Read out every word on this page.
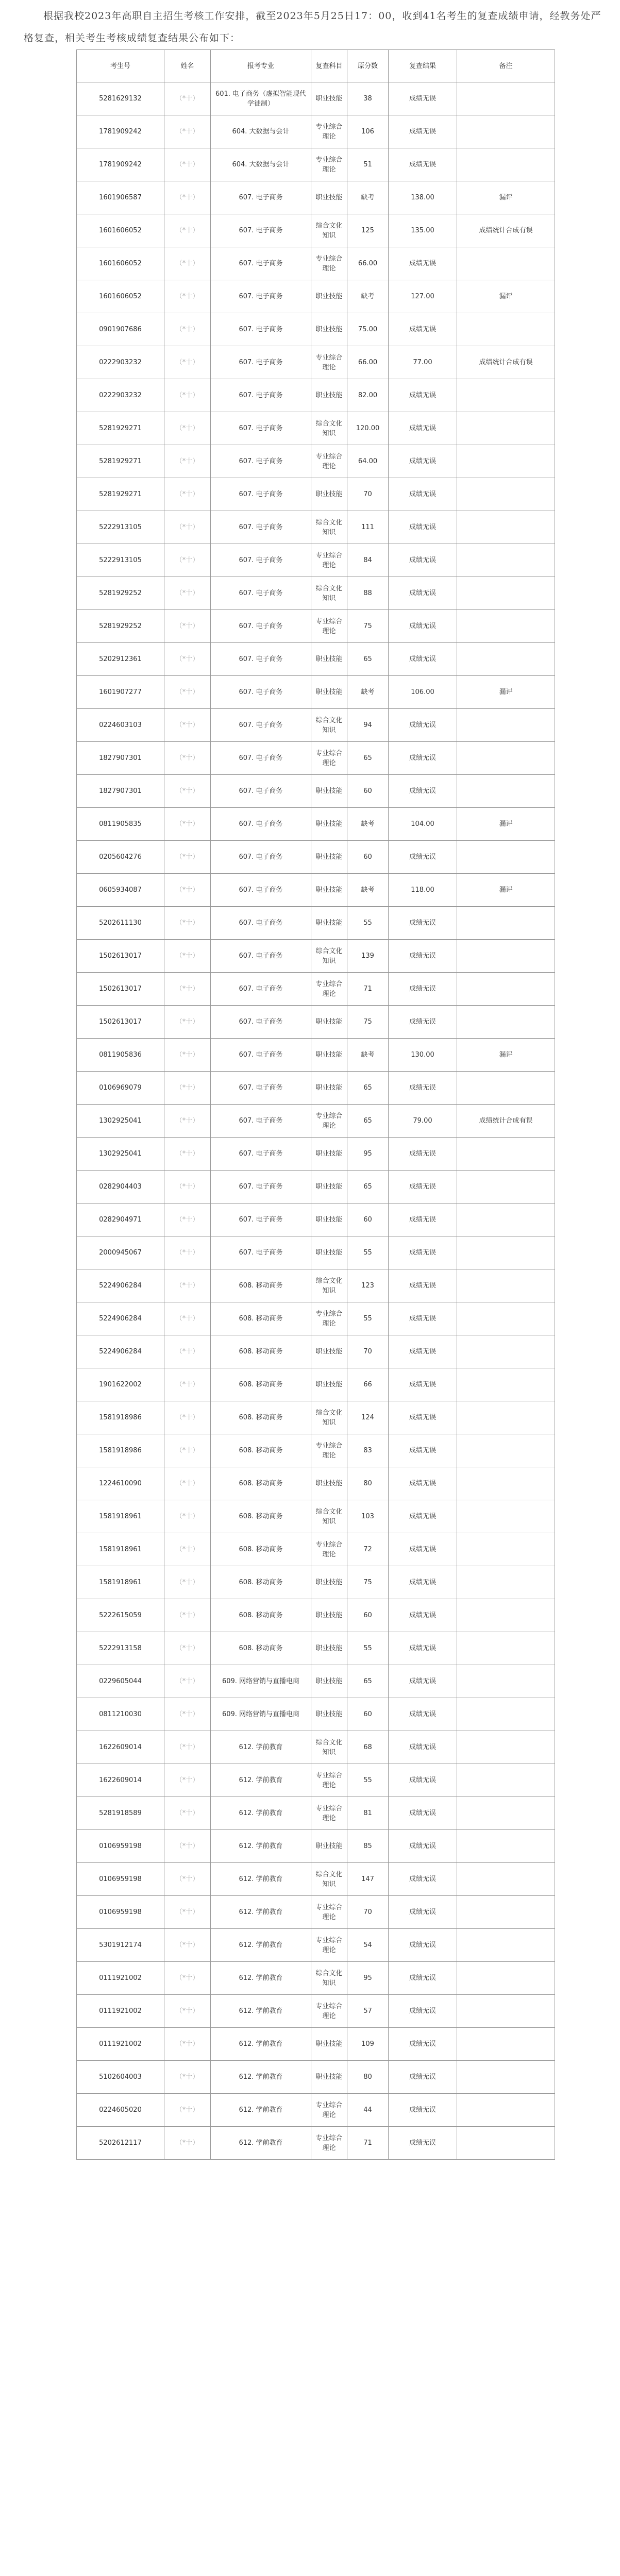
根据我校2023年高职自主招生考核工作安排，截至2023年5月25日17：00，收到41名考生的复查成绩申请，经教务处严格复查，相关考生考核成绩复查结果公布如下：

考生号	姓名	报考专业	复查科目	原分数	复查结果	备注
5281629132	（*十）	601. 电子商务（虚拟智能现代学徒制）	职业技能	38	成绩无误	
1781909242	（*十）	604. 大数据与会计	专业综合理论	106	成绩无误	
1781909242	（*十）	604. 大数据与会计	专业综合理论	51	成绩无误	
1601906587	（*十）	607. 电子商务	职业技能	缺考	138.00	漏评
1601606052	（*十）	607. 电子商务	综合文化知识	125	135.00	成绩统计合成有误
1601606052	（*十）	607. 电子商务	专业综合理论	66.00	成绩无误	
1601606052	（*十）	607. 电子商务	职业技能	缺考	127.00	漏评
0901907686	（*十）	607. 电子商务	职业技能	75.00	成绩无误	
0222903232	（*十）	607. 电子商务	专业综合理论	66.00	77.00	成绩统计合成有误
0222903232	（*十）	607. 电子商务	职业技能	82.00	成绩无误	
5281929271	（*十）	607. 电子商务	综合文化知识	120.00	成绩无误	
5281929271	（*十）	607. 电子商务	专业综合理论	64.00	成绩无误	
5281929271	（*十）	607. 电子商务	职业技能	70	成绩无误	
5222913105	（*十）	607. 电子商务	综合文化知识	111	成绩无误	
5222913105	（*十）	607. 电子商务	专业综合理论	84	成绩无误	
5281929252	（*十）	607. 电子商务	综合文化知识	88	成绩无误	
5281929252	（*十）	607. 电子商务	专业综合理论	75	成绩无误	
5202912361	（*十）	607. 电子商务	职业技能	65	成绩无误	
1601907277	（*十）	607. 电子商务	职业技能	缺考	106.00	漏评
0224603103	（*十）	607. 电子商务	综合文化知识	94	成绩无误	
1827907301	（*十）	607. 电子商务	专业综合理论	65	成绩无误	
1827907301	（*十）	607. 电子商务	职业技能	60	成绩无误	
0811905835	（*十）	607. 电子商务	职业技能	缺考	104.00	漏评
0205604276	（*十）	607. 电子商务	职业技能	60	成绩无误	
0605934087	（*十）	607. 电子商务	职业技能	缺考	118.00	漏评
5202611130	（*十）	607. 电子商务	职业技能	55	成绩无误	
1502613017	（*十）	607. 电子商务	综合文化知识	139	成绩无误	
1502613017	（*十）	607. 电子商务	专业综合理论	71	成绩无误	
1502613017	（*十）	607. 电子商务	职业技能	75	成绩无误	
0811905836	（*十）	607. 电子商务	职业技能	缺考	130.00	漏评
0106969079	（*十）	607. 电子商务	职业技能	65	成绩无误	
1302925041	（*十）	607. 电子商务	专业综合理论	65	79.00	成绩统计合成有误
1302925041	（*十）	607. 电子商务	职业技能	95	成绩无误	
0282904403	（*十）	607. 电子商务	职业技能	65	成绩无误	
0282904971	（*十）	607. 电子商务	职业技能	60	成绩无误	
2000945067	（*十）	607. 电子商务	职业技能	55	成绩无误	
5224906284	（*十）	608. 移动商务	综合文化知识	123	成绩无误	
5224906284	（*十）	608. 移动商务	专业综合理论	55	成绩无误	
5224906284	（*十）	608. 移动商务	职业技能	70	成绩无误	
1901622002	（*十）	608. 移动商务	职业技能	66	成绩无误	
1581918986	（*十）	608. 移动商务	综合文化知识	124	成绩无误	
1581918986	（*十）	608. 移动商务	专业综合理论	83	成绩无误	
1224610090	（*十）	608. 移动商务	职业技能	80	成绩无误	
1581918961	（*十）	608. 移动商务	综合文化知识	103	成绩无误	
1581918961	（*十）	608. 移动商务	专业综合理论	72	成绩无误	
1581918961	（*十）	608. 移动商务	职业技能	75	成绩无误	
5222615059	（*十）	608. 移动商务	职业技能	60	成绩无误	
5222913158	（*十）	608. 移动商务	职业技能	55	成绩无误	
0229605044	（*十）	609. 网络营销与直播电商	职业技能	65	成绩无误	
0811210030	（*十）	609. 网络营销与直播电商	职业技能	60	成绩无误	
1622609014	（*十）	612. 学前教育	综合文化知识	68	成绩无误	
1622609014	（*十）	612. 学前教育	专业综合理论	55	成绩无误	
5281918589	（*十）	612. 学前教育	专业综合理论	81	成绩无误	
0106959198	（*十）	612. 学前教育	职业技能	85	成绩无误	
0106959198	（*十）	612. 学前教育	综合文化知识	147	成绩无误	
0106959198	（*十）	612. 学前教育	专业综合理论	70	成绩无误	
5301912174	（*十）	612. 学前教育	专业综合理论	54	成绩无误	
0111921002	（*十）	612. 学前教育	综合文化知识	95	成绩无误	
0111921002	（*十）	612. 学前教育	专业综合理论	57	成绩无误	
0111921002	（*十）	612. 学前教育	职业技能	109	成绩无误	
5102604003	（*十）	612. 学前教育	职业技能	80	成绩无误	
0224605020	（*十）	612. 学前教育	专业综合理论	44	成绩无误	
5202612117	（*十）	612. 学前教育	专业综合理论	71	成绩无误	
